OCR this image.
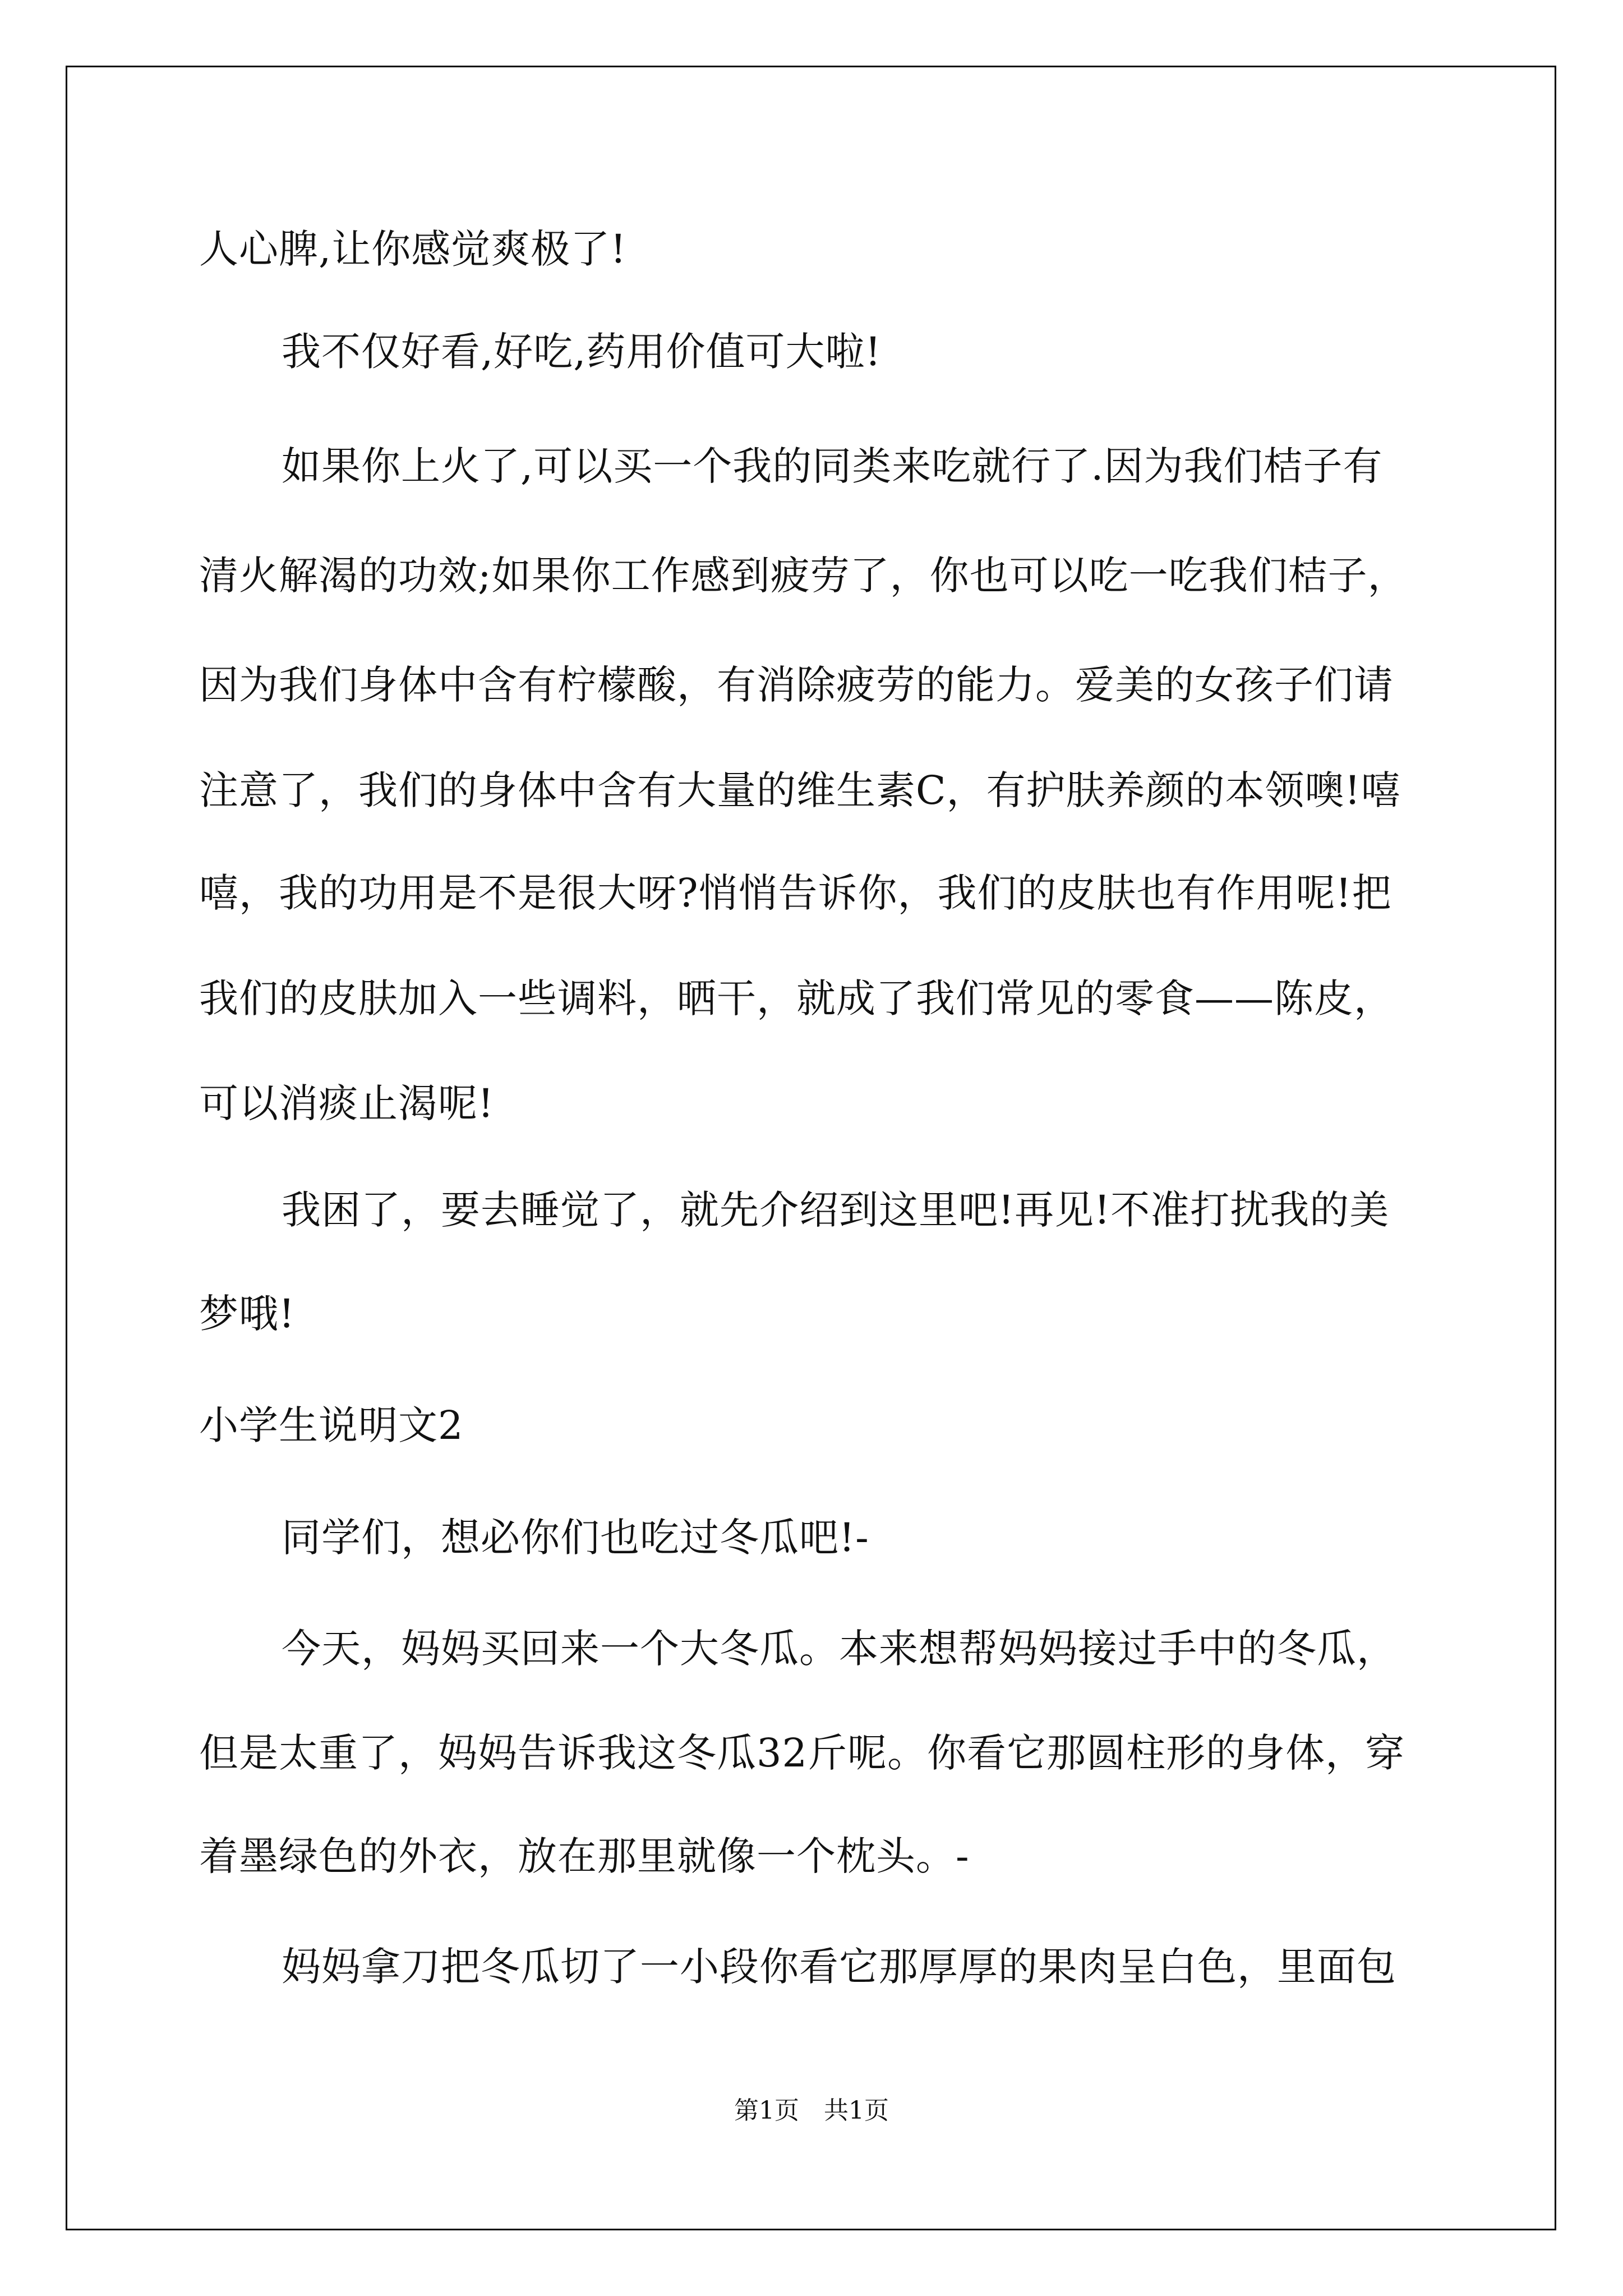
人心脾,让你感觉爽极了!
我不仅好看,好吃,药用价值可大啦!
如果你上火了,可以买一个我的同类来吃就行了.因为我们桔子有
清火解渴的功效;如果你工作感到疲劳了，你也可以吃一吃我们桔子，
因为我们身体中含有柠檬酸，有消除疲劳的能力。爱美的女孩子们请
注意了，我们的身体中含有大量的维生素C，有护肤养颜的本领噢!嘻
嘻，我的功用是不是很大呀?悄悄告诉你，我们的皮肤也有作用呢!把
我们的皮肤加入一些调料，晒干，就成了我们常见的零食——陈皮，
可以消痰止渴呢!
我困了，要去睡觉了，就先介绍到这里吧!再见!不准打扰我的美
梦哦!
小学生说明文2
同学们，想必你们也吃过冬瓜吧!-
今天，妈妈买回来一个大冬瓜。本来想帮妈妈接过手中的冬瓜，
但是太重了，妈妈告诉我这冬瓜32斤呢。你看它那圆柱形的身体，穿
着墨绿色的外衣，放在那里就像一个枕头。-
妈妈拿刀把冬瓜切了一小段你看它那厚厚的果肉呈白色，里面包
第1页 共1页
